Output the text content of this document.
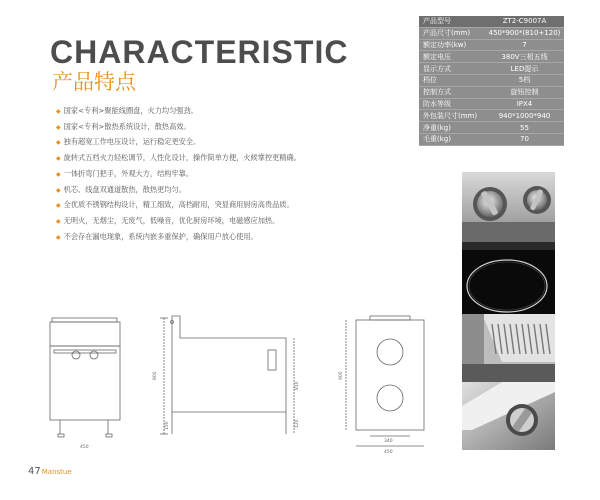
CHARACTERISTIC
产品特点
◆ 国家<专利>聚能线圈盘，火力均匀强劲。
◆ 国家<专利>散热系统设计，散热高效。
◆ 独有超宽工作电压设计，运行稳定更安全。
◆ 旋转式五档火力轻松调节，人性化设计，操作简单方便，火候掌控更精确。
◆ 一体折弯门把手，外观大方，结构牢靠。
◆ 机芯、线盘双通道散热，散热更均匀。
◆ 全优质不锈钢结构设计，精工细致，高档耐用，突显商用厨房高贵品质。
◆ 无明火，无烟尘，无废气，低噪音，优化厨房环境，电磁感应加热。
◆ 不会存在漏电现象，系统内嵌多重保护，确保用户放心使用。
产品型号	ZT2-C9007A
产品尺寸(mm)	450*900*(810+120)
额定功率(kw)	7
额定电压	380V三相五线
显示方式	LED提示
档位	5档
控制方式	旋钮控制
防水等级	IPX4
外包装尺寸(mm)	940*1000*940
净重(kg)	55
毛重(kg)	70
450
800
810
120
150
900
340
450
47Manstue
